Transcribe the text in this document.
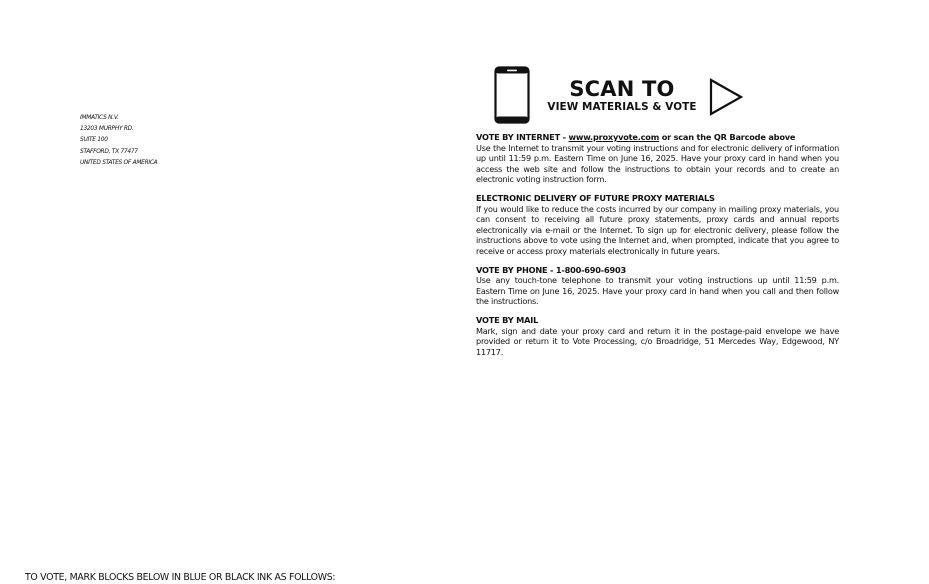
IMMATICS N.V.
13203 MURPHY RD.
SUITE 100
STAFFORD, TX 77477
UNITED STATES OF AMERICA
SCAN TO
VIEW MATERIALS & VOTE
VOTE BY INTERNET - www.proxyvote.com or scan the QR Barcode above
Use the Internet to transmit your voting instructions and for electronic delivery of information up until 11:59 p.m. Eastern Time on June 16, 2025. Have your proxy card in hand when you access the web site and follow the instructions to obtain your records and to create an electronic voting instruction form.
ELECTRONIC DELIVERY OF FUTURE PROXY MATERIALS
If you would like to reduce the costs incurred by our company in mailing proxy materials, you can consent to receiving all future proxy statements, proxy cards and annual reports electronically via e-mail or the Internet. To sign up for electronic delivery, please follow the instructions above to vote using the Internet and, when prompted, indicate that you agree to receive or access proxy materials electronically in future years.
VOTE BY PHONE - 1-800-690-6903
Use any touch-tone telephone to transmit your voting instructions up until 11:59 p.m. Eastern Time on June 16, 2025. Have your proxy card in hand when you call and then follow the instructions.
VOTE BY MAIL
Mark, sign and date your proxy card and return it in the postage-paid envelope we have provided or return it to Vote Processing, c/o Broadridge, 51 Mercedes Way, Edgewood, NY 11717.
TO VOTE, MARK BLOCKS BELOW IN BLUE OR BLACK INK AS FOLLOWS:
